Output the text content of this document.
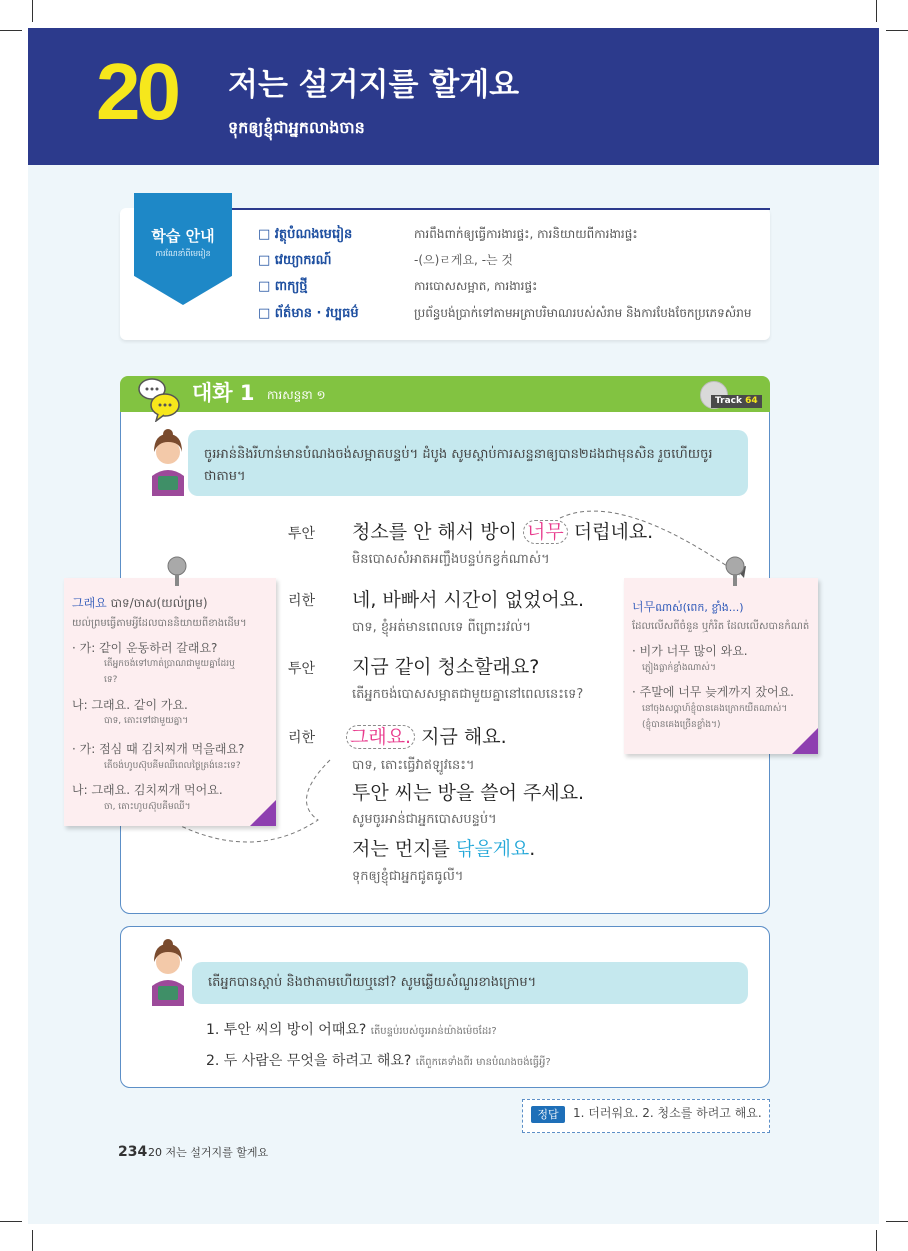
20 저는 설거지를 할게요
ទុកឲ្យខ្ញុំជាអ្នកលាងចាន
학습 안내
ការណែនាំពីមេរៀន
□ វត្ថុបំណងមេរៀន	ការពឹងពាក់ឲ្យធ្វើការងារផ្ទះ, ការនិយាយពីការងារផ្ទះ
□ វេយ្យាករណ៍	-(으)ㄹ게요, -는 것
□ ពាក្យថ្មី	ការបោសសម្អាត, ការងារផ្ទះ
□ ព័ត៌មាន · វប្បធម៌	ប្រព័ន្ធបង់ប្រាក់ទៅតាមអត្រាបរិមាណរបស់សំរាម និងការបែងចែកប្រភេទសំរាម
대화 1 ការសន្ទនា ១	Track 64
ចូរអាន់និងរីហាន់មានបំណងចង់សម្អាតបន្ទប់។ ដំបូង សូមស្ដាប់ការសន្ទនាឲ្យបាន២ដងជាមុនសិន រួចហើយចូរថាតាម។
투안 청소를 안 해서 방이 너무 더럽네요.
មិនបោសសំអាតអញ្ចឹងបន្ទប់កខ្វក់ណាស់។
리한 네, 바빠서 시간이 없었어요.
បាទ, ខ្ញុំអត់មានពេលទេ ពីព្រោះរវល់។
투안 지금 같이 청소할래요?
តើអ្នកចង់បោសសម្អាតជាមួយគ្នានៅពេលនេះទេ?
리한 그래요. 지금 해요.
បាទ, តោះធ្វើវាឥឡូវនេះ។
투안 씨는 방을 쓸어 주세요.
សូមចូរអាន់ជាអ្នកបោសបន្ទប់។
저는 먼지를 닦을게요.
ទុកឲ្យខ្ញុំជាអ្នកជូតធូលី។
그래요 បាទ/ចាស(យល់ព្រម)
យល់ព្រមធ្វើតាមអ្វីដែលបាននិយាយពីខាងដើម។
· 가: 같이 운동하러 갈래요?
តើអ្នកចង់ទៅហាត់ប្រាណជាមួយគ្នាដែរឬ
ទេ?
나: 그래요. 같이 가요.
បាទ, តោះទៅជាមួយគ្នា។
· 가: 점심 때 김치찌개 먹을래요?
តើចង់ហូបស៊ុបគីមឈីពេលថ្ងៃត្រង់នេះទេ?
나: 그래요. 김치찌개 먹어요.
ចា, តោះហូបស៊ុបគីមឈី។
너무ណាស់(ពេក, ខ្លាំង...)
ដែលលើសពីចំនួន ឬកំរិត ដែលលើសបានកំណត់
· 비가 너무 많이 와요.
ភ្លៀងធ្លាក់ខ្លាំងណាស់។
· 주말에 너무 늦게까지 잤어요.
នៅចុងសប្ដាហ៍ខ្ញុំបានគេងក្រោកយឺតណាស់។
(ខ្ញុំបានគេងច្រើនខ្លាំង។)
តើអ្នកបានស្ដាប់ និងថាតាមហើយឬនៅ? សូមឆ្លើយសំណួរខាងក្រោម។
1. 투안 씨의 방이 어때요? តើបន្ទប់របស់ចូរអាន់យ៉ាងម៉េចដែរ?
2. 두 사람은 무엇을 하려고 해요? តើពួកគេទាំងពីរ មានបំណងចង់ធ្វើអ្វី?
정답	1. 더러워요. 2. 청소를 하려고 해요.
234 20 저는 설거지를 할게요
